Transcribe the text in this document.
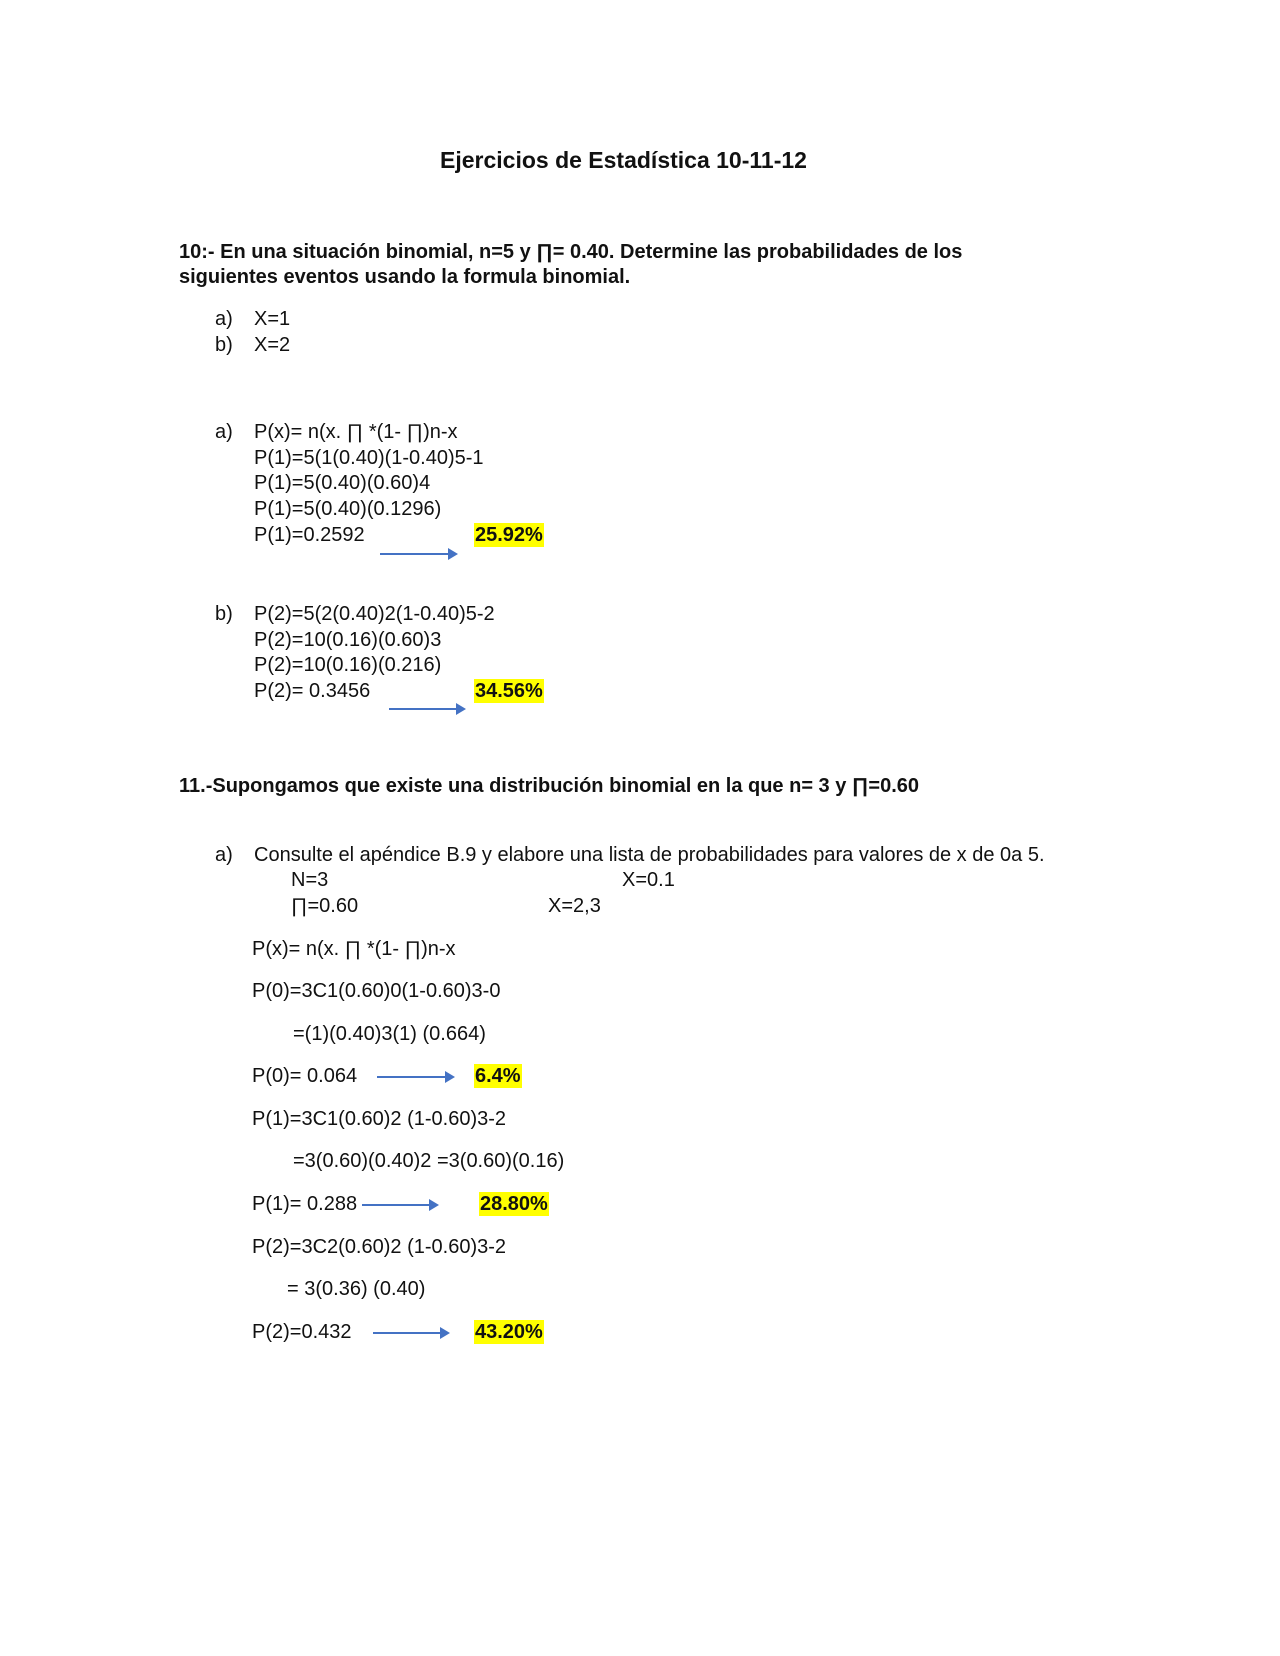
Ejercicios de Estadística 10-11-12
10:- En una situación binomial, n=5 y ∏= 0.40. Determine las probabilidades de los
siguientes eventos usando la formula binomial.
a) X=1
b) X=2
a) P(x)= n(x. ∏ *(1- ∏)n-x
P(1)=5(1(0.40)(1-0.40)5-1
P(1)=5(0.40)(0.60)4
P(1)=5(0.40)(0.1296)
P(1)=0.2592	25.92%
b) P(2)=5(2(0.40)2(1-0.40)5-2
P(2)=10(0.16)(0.60)3
P(2)=10(0.16)(0.216)
P(2)= 0.3456	34.56%
11.-Supongamos que existe una distribución binomial en la que n= 3 y ∏=0.60
a) Consulte el apéndice B.9 y elabore una lista de probabilidades para valores de x de 0a 5.
N=3	X=0.1
∏=0.60	X=2,3
P(x)= n(x. ∏ *(1- ∏)n-x
P(0)=3C1(0.60)0(1-0.60)3-0
=(1)(0.40)3(1) (0.664)
P(0)= 0.064	6.4%
P(1)=3C1(0.60)2 (1-0.60)3-2
=3(0.60)(0.40)2 =3(0.60)(0.16)
P(1)= 0.288	28.80%
P(2)=3C2(0.60)2 (1-0.60)3-2
= 3(0.36) (0.40)
P(2)=0.432	43.20%
